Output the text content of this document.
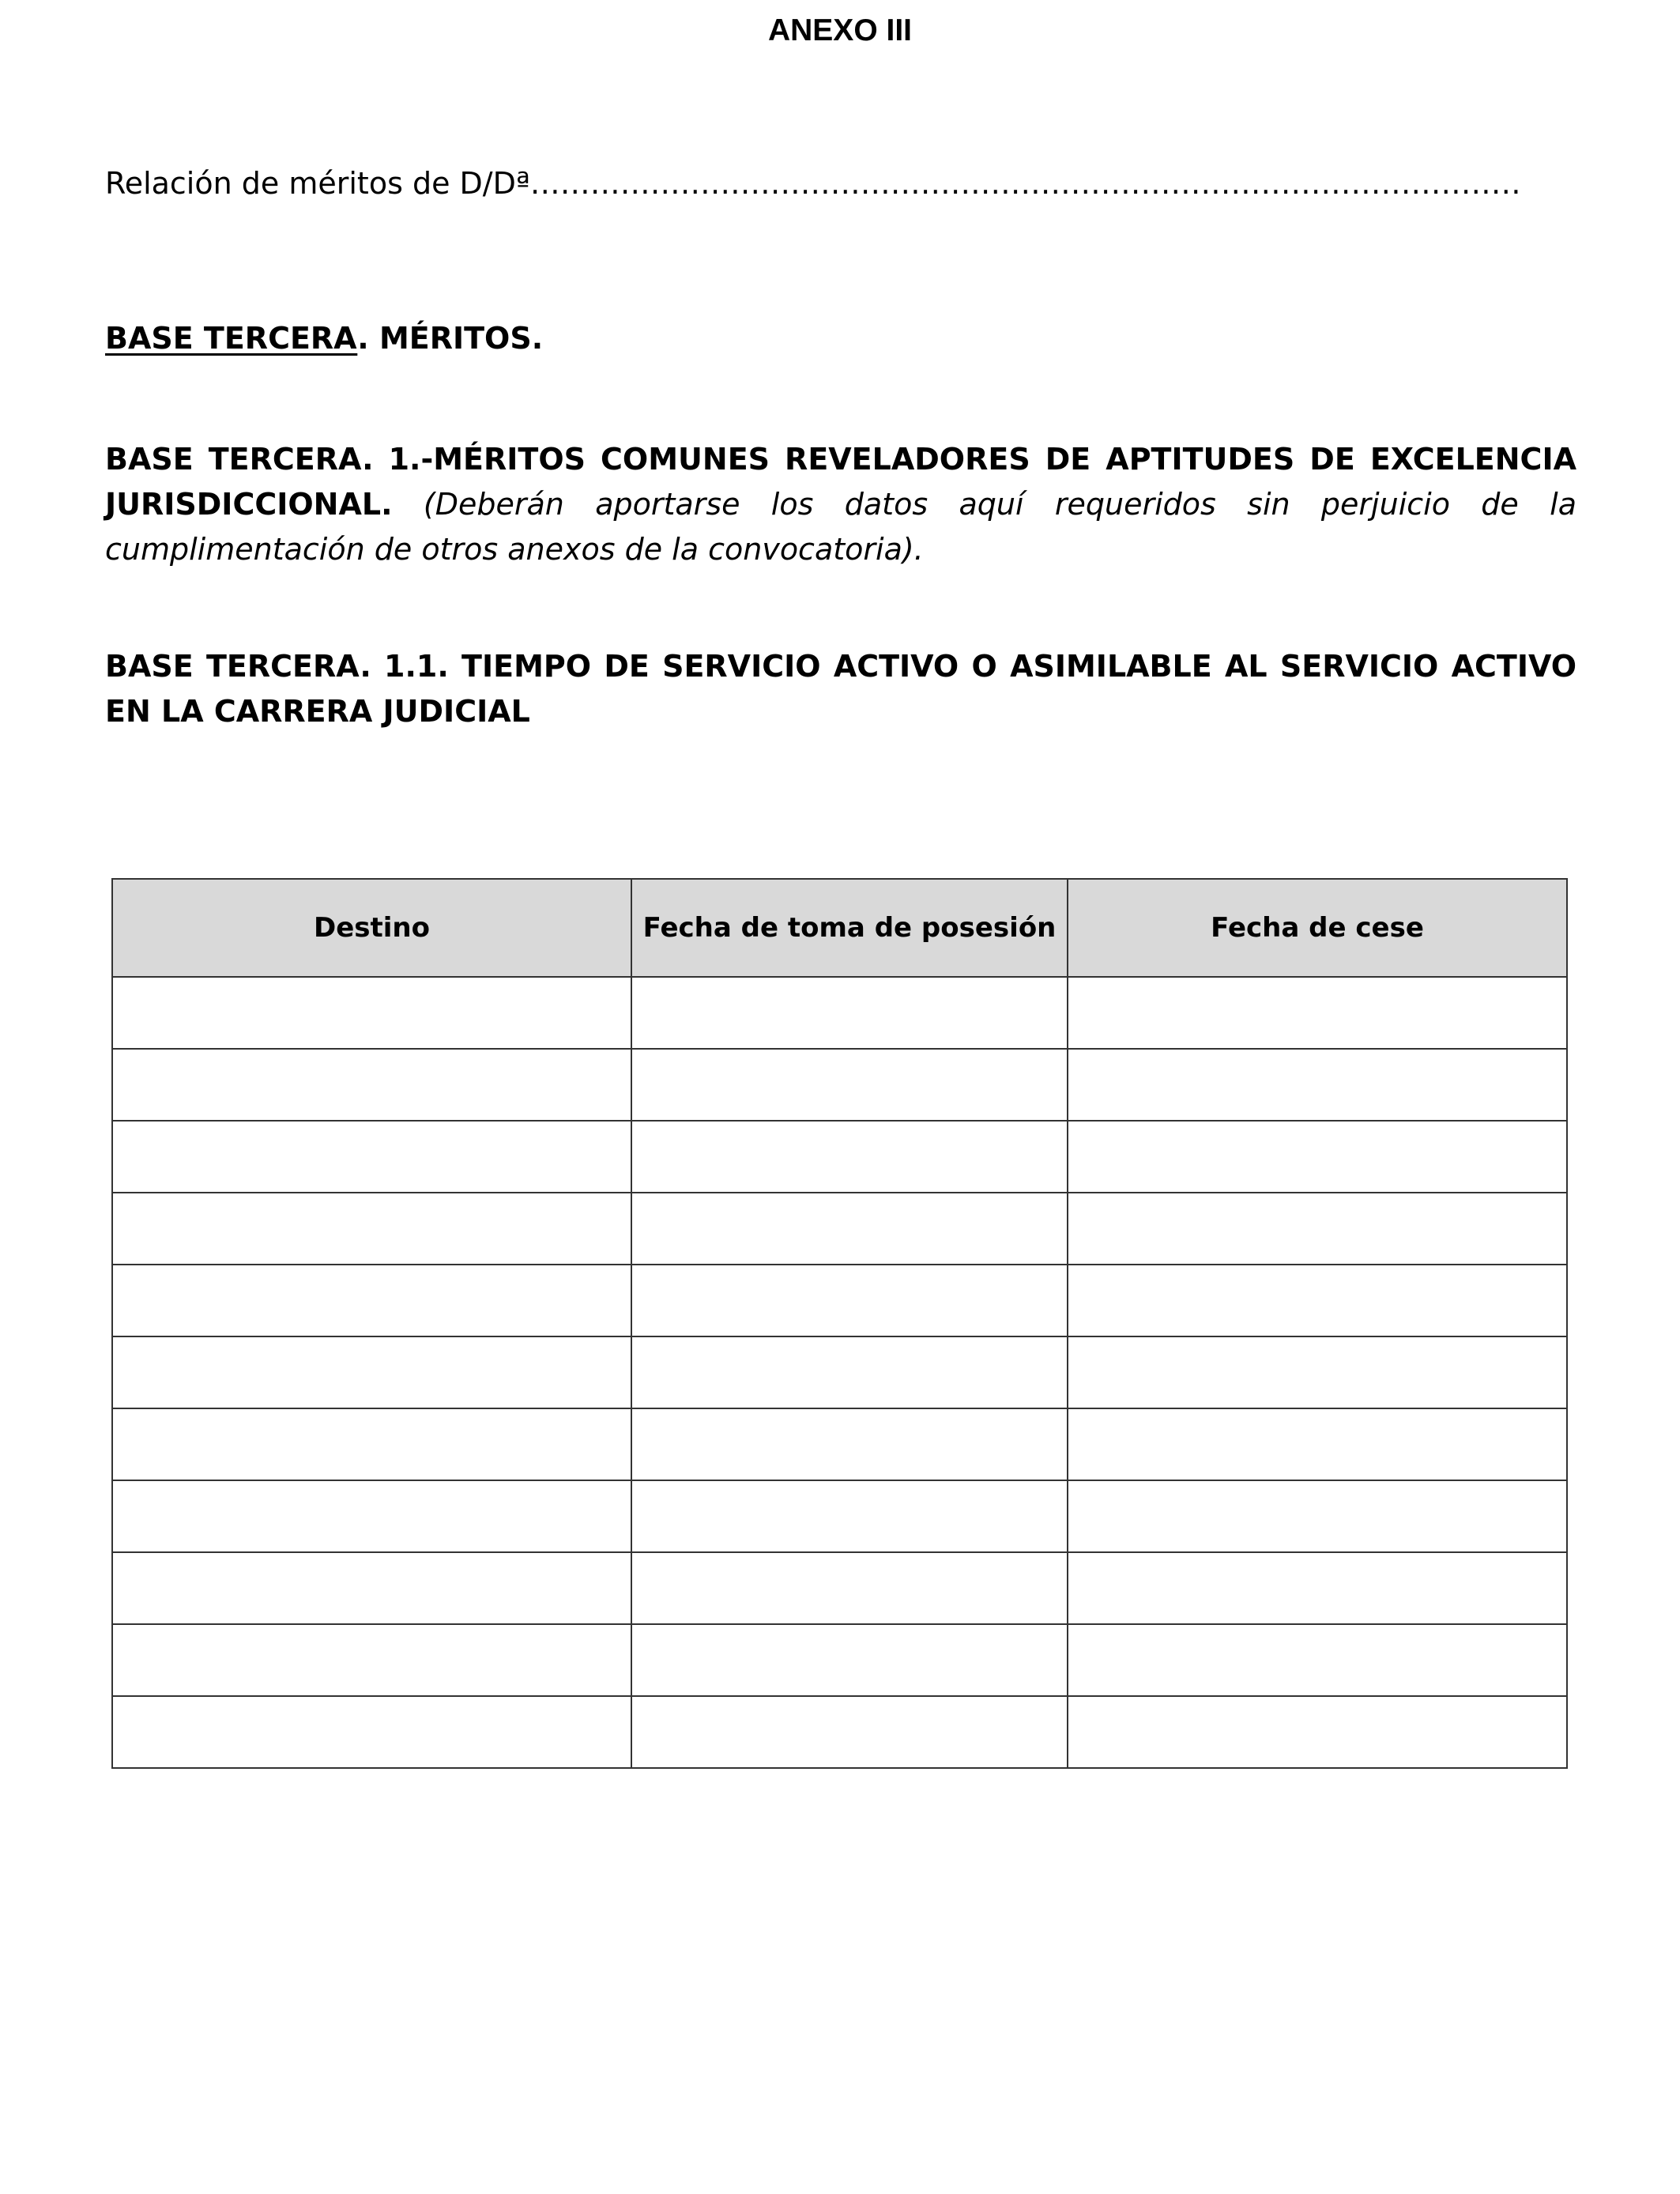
ANEXO III
Relación de méritos de D/Dª………………………………………………………………………………………
BASE TERCERA. MÉRITOS.
BASE TERCERA. 1.-MÉRITOS COMUNES REVELADORES DE APTITUDES DE EXCELENCIA JURISDICCIONAL. (Deberán aportarse los datos aquí requeridos sin perjuicio de la cumplimentación de otros anexos de la convocatoria).
BASE TERCERA. 1.1. TIEMPO DE SERVICIO ACTIVO O ASIMILABLE AL SERVICIO ACTIVO EN LA CARRERA JUDICIAL
Destino	Fecha de toma de posesión	Fecha de cese
